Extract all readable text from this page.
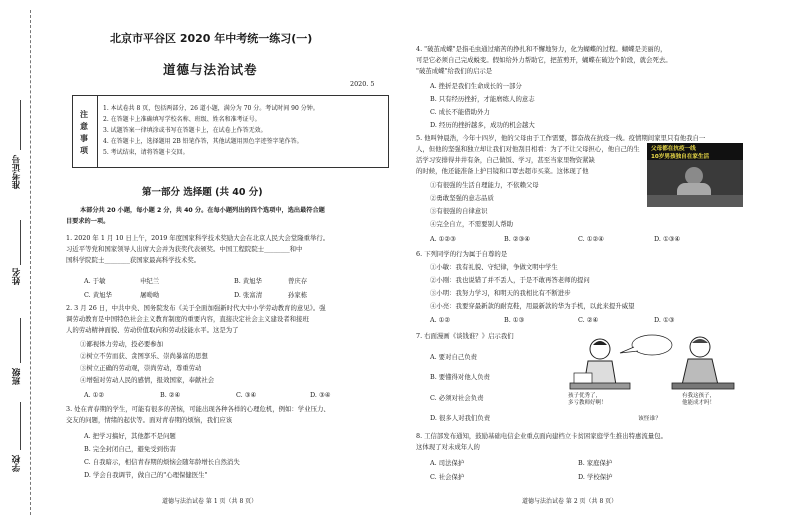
准考证号
姓名
班级
学校
北京市平谷区 2020 年中考统一练习(一)
道德与法治试卷
2020. 5
注
意
事
项
1. 本试卷共 8 页，包括两部分，26 道小题，满分为 70 分。考试时间 90 分钟。
2. 在答题卡上准确填写学校名称、班级、姓名和准考证号。
3. 试题答案一律填涂或书写在答题卡上，在试卷上作答无效。
4. 在答题卡上，选择题用 2B 铅笔作答，其他试题用黑色字迹签字笔作答。
5. 考试结束，请将答题卡交回。
第一部分 选择题 (共 40 分)
本部分共 20 小题，每小题 2 分，共 40 分。在每小题列出的四个选项中，选出最符合题
目要求的一项。
1. 2020 年 1 月 10 日上午，2019 年度国家科学技术奖励大会在北京人民大会堂隆重举行。
习近平等党和国家领导人出席大会并为获奖代表颁奖。中国工程院院士________和中
国科学院院士________获国家最高科学技术奖。
A. 于敏	申纪兰	B. 黄旭华	曾庆存
C. 黄旭华	屠呦呦	D. 张富清	孙家栋
2. 3 月 26 日，中共中央、国务院发布《关于全面加强新时代大中小学劳动教育的意见》。强
调劳动教育是中国特色社会主义教育制度的重要内容，直接决定社会主义建设者和接班
人的劳动精神面貌、劳动价值取向和劳动技能水平。这是为了
①鄙视体力劳动，投必要参加
②树立不劳而获、贪图享乐、崇尚暴富的思想
③树立正确的劳动观，崇尚劳动，尊重劳动
④增强对劳动人民的感情，报效国家，奉献社会
A. ①②	B. ②④	C. ③④	D. ③④
3. 处在青春期的学生，可能有很多的苦恼，可能出现各种各样的心理危机，例如：学业压力、
交友的问题，情绪的起伏等。面对青春期的烦恼，我们应该
A. 把学习搞好，其他都不是问题
B. 完全封闭自己，避免受到伤害
C. 自我暗示，相信青春期的烦恼会随年龄增长自然消失
D. 学会自我调节，做自己的"心理保健医生"
道德与法治试卷 第 1 页（共 8 页）
4. "破茧成蝶"是指毛虫通过痛苦的挣扎和不懈地努力，化为蝴蝶的过程。蝴蝶是美丽的，
可是它必须自己完成蜕变。假如给外力帮助它，把茧剪开，蝴蝶在破边个阶段，就会死去。
"破茧成蝶"给我们的启示是
A. 挫折是我们生命成长的一部分
B. 只有经历挫折，才能磨练人的意志
C. 成长不能借助外力
D. 经历的挫折越多，成功的机会越大
5. 他叫钟晨浩，今年十四岁，他的父母由于工作需要，都奋战在抗疫一线。疫情期间家里只有他我自一
人，但他的坚强和独立却让我们对他刮目相看：为了不让父母担心，他自己的生
活学习安排得井井有条，自己做饭、学习，甚至当家里物资紧缺
的时候，他还能准备上护目镜和口罩去超市买菜。这体现了他
①有很强的生活自理能力，不依赖父母
②勇敢坚强的意志品质
③有很强的自律意识
④完全自立，不需要别人帮助
A. ①②③	B. ②③④	C. ①②④	D. ①③④
父母都在抗疫一线
10岁男孩独自在家生活
6. 下列同学的行为属于自尊的是
①小敏：我有礼貌、守纪律，争做文明中学生
②小刚：我也说错了并不丢人，于是不敢再答老师的提问
③小明：我努力学习，和明天的我相比有不断进步
④小亮：我要穿最新款的耐克鞋，用最新款的华为手机，以此来提升威望
A. ①②	B. ①③	C. ②④	D. ①③
7. 右面漫画《谈钱谁？》启示我们
A. 要对自己负责
B. 要懂得对他人负责
C. 必须对社会负责
D. 很多人对我们负责
孩子优秀了，
多亏教师好啊！
有我这孩子，
他能成才吗！
该怪谁？
8. 工信部发布通知，鼓励基础电信企业重点面向建档立卡贫困家庭学生推出特惠流量包。
这体现了对未成年人的
A. 司法保护	B. 家庭保护
C. 社会保护	D. 学校保护
道德与法治试卷 第 2 页（共 8 页）
